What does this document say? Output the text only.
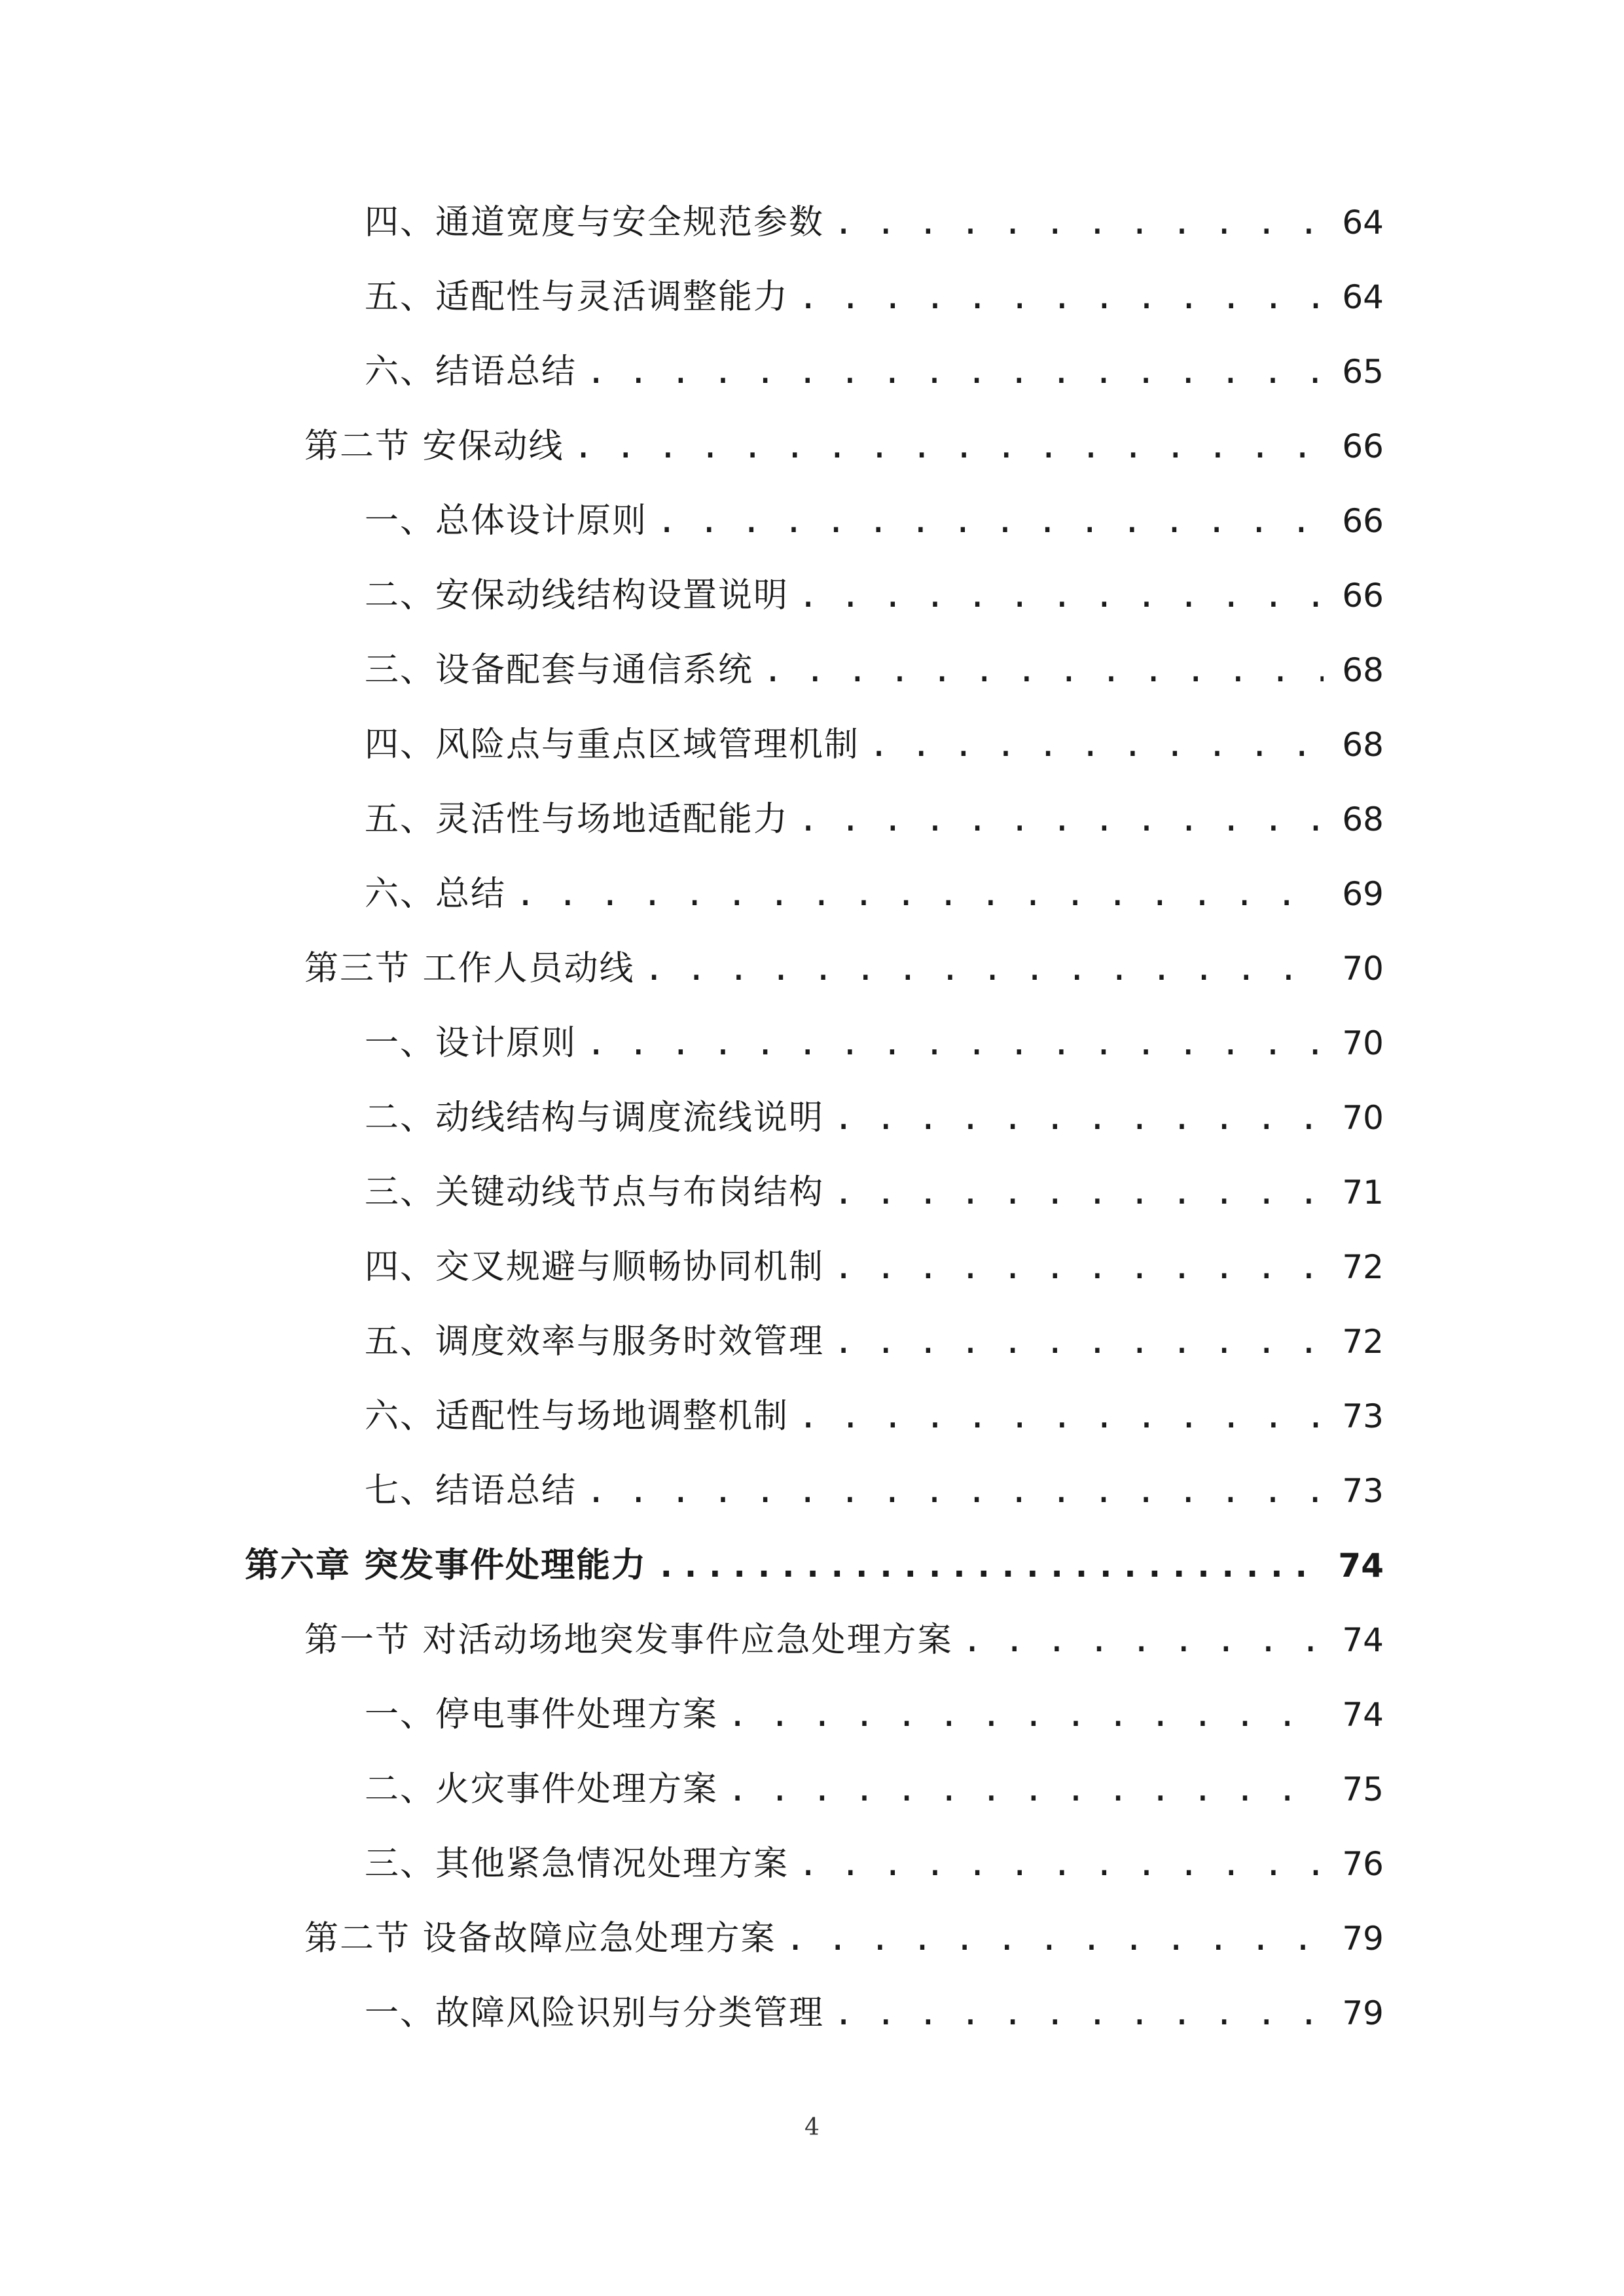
四、通道宽度与安全规范参数 . . .	64
五、适配性与灵活调整能力 . . .	64
六、结语总结 . . .	65
第二节 安保动线 . . .	66
一、总体设计原则 . . .	66
二、安保动线结构设置说明 . . .	66
三、设备配套与通信系统 . . .	68
四、风险点与重点区域管理机制 . . .	68
五、灵活性与场地适配能力 . . .	68
六、总结 . . .	69
第三节 工作人员动线 . . .	70
一、设计原则 . . .	70
二、动线结构与调度流线说明 . . .	70
三、关键动线节点与布岗结构 . . .	71
四、交叉规避与顺畅协同机制 . . .	72
五、调度效率与服务时效管理 . . .	72
六、适配性与场地调整机制 . . .	73
七、结语总结 . . .	73
第六章 突发事件处理能力 .....	74
第一节 对活动场地突发事件应急处理方案 . . .	74
一、停电事件处理方案 . . .	74
二、火灾事件处理方案 . . .	75
三、其他紧急情况处理方案 . . .	76
第二节 设备故障应急处理方案 . . .	79
一、故障风险识别与分类管理 . . .	79
4
